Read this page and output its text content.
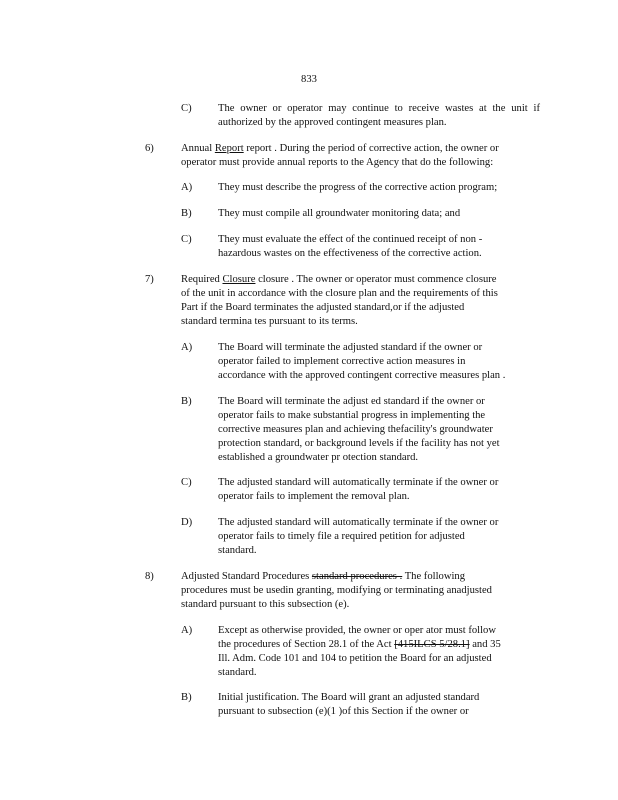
833
C) The owner or operator may continue to receive wastes at the unit if
authorized by the approved contingent measures plan.
6)	Annual Report report . During the period of corrective action, the owner or
operator must provide annual reports to the Agency that do the following:
A) They must describe the progress of the corrective action program;
B) They must compile all groundwater monitoring data; and
C) They must evaluate the effect of the continued receipt of non -
hazardous wastes on the effectiveness of the corrective action.
7)	Required Closure closure . The owner or operator must commence closure
of the unit in accordance with the closure plan and the requirements of this
Part if the Board terminates the adjusted standard,or if the adjusted
standard termina tes pursuant to its terms.
A) The Board will terminate the adjusted standard if the owner or
operator failed to implement corrective action measures in
accordance with the approved contingent corrective measures plan .
B) The Board will terminate the adjust ed standard if the owner or
operator fails to make substantial progress in implementing the
corrective measures plan and achieving thefacility's groundwater
protection standard, or background levels if the facility has not yet
established a groundwater pr otection standard.
C) The adjusted standard will automatically terminate if the owner or
operator fails to implement the removal plan.
D) The adjusted standard will automatically terminate if the owner or
operator fails to timely file a required petition for adjusted
standard.
8)	Adjusted Standard Procedures standard procedures . The following
procedures must be usedin granting, modifying or terminating anadjusted
standard pursuant to this subsection (e).
A) Except as otherwise provided, the owner or oper ator must follow
the procedures of Section 28.1 of the Act [415ILCS 5/28.1] and 35
Ill. Adm. Code 101 and 104 to petition the Board for an adjusted
standard.
B) Initial justification. The Board will grant an adjusted standard
pursuant to subsection (e)(1 )of this Section if the owner or
